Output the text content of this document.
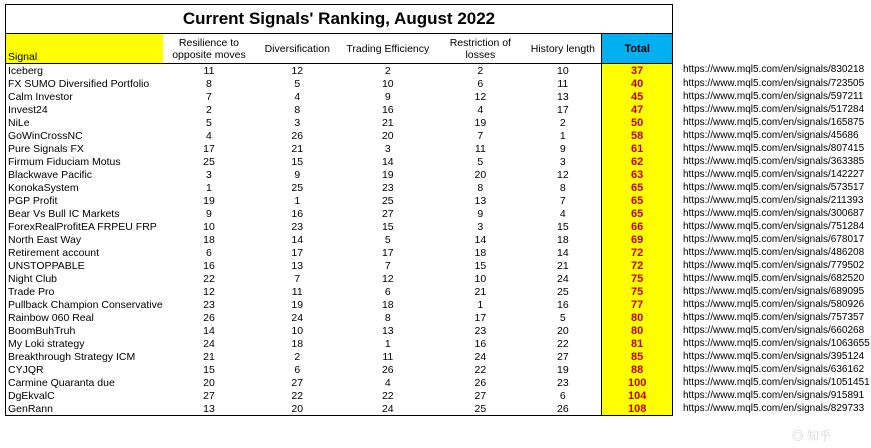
Current Signals' Ranking, August 2022							
Signal	Resilience to opposite moves	Diversification	Trading Efficiency	Restriction of losses	History length	Total	
Iceberg	11	12	2	2	10	37	https://www.mql5.com/en/signals/830218
FX SUMO Diversified Portfolio	8	5	10	6	11	40	https://www.mql5.com/en/signals/723505
Calm Investor	7	4	9	12	13	45	https://www.mql5.com/en/signals/597211
Invest24	2	8	16	4	17	47	https://www.mql5.com/en/signals/517284
NiLe	5	3	21	19	2	50	https://www.mql5.com/en/signals/165875
GoWinCrossNC	4	26	20	7	1	58	https://www.mql5.com/en/signals/45686
Pure Signals FX	17	21	3	11	9	61	https://www.mql5.com/en/signals/807415
Firmum Fiduciam Motus	25	15	14	5	3	62	https://www.mql5.com/en/signals/363385
Blackwave Pacific	3	9	19	20	12	63	https://www.mql5.com/en/signals/142227
KonokaSystem	1	25	23	8	8	65	https://www.mql5.com/en/signals/573517
PGP Profit	19	1	25	13	7	65	https://www.mql5.com/en/signals/211393
Bear Vs Bull IC Markets	9	16	27	9	4	65	https://www.mql5.com/en/signals/300687
ForexRealProfitEA FRPEU FRP	10	23	15	3	15	66	https://www.mql5.com/en/signals/751284
North East Way	18	14	5	14	18	69	https://www.mql5.com/en/signals/678017
Retirement account	6	17	17	18	14	72	https://www.mql5.com/en/signals/486208
UNSTOPPABLE	16	13	7	15	21	72	https://www.mql5.com/en/signals/779502
Night Club	22	7	12	10	24	75	https://www.mql5.com/en/signals/682520
Trade Pro	12	11	6	21	25	75	https://www.mql5.com/en/signals/689095
Pullback Champion Conservative	23	19	18	1	16	77	https://www.mql5.com/en/signals/580926
Rainbow 060 Real	26	24	8	17	5	80	https://www.mql5.com/en/signals/757357
BoomBuhTruh	14	10	13	23	20	80	https://www.mql5.com/en/signals/660268
My Loki strategy	24	18	1	16	22	81	https://www.mql5.com/en/signals/1063655
Breakthrough Strategy ICM	21	2	11	24	27	85	https://www.mql5.com/en/signals/395124
CYJQR	15	6	26	22	19	88	https://www.mql5.com/en/signals/636162
Carmine Quaranta due	20	27	4	26	23	100	https://www.mql5.com/en/signals/1051451
DgEkvalC	27	22	22	27	6	104	https://www.mql5.com/en/signals/915891
GenRann	13	20	24	25	26	108	https://www.mql5.com/en/signals/829733
◎ 知乎
